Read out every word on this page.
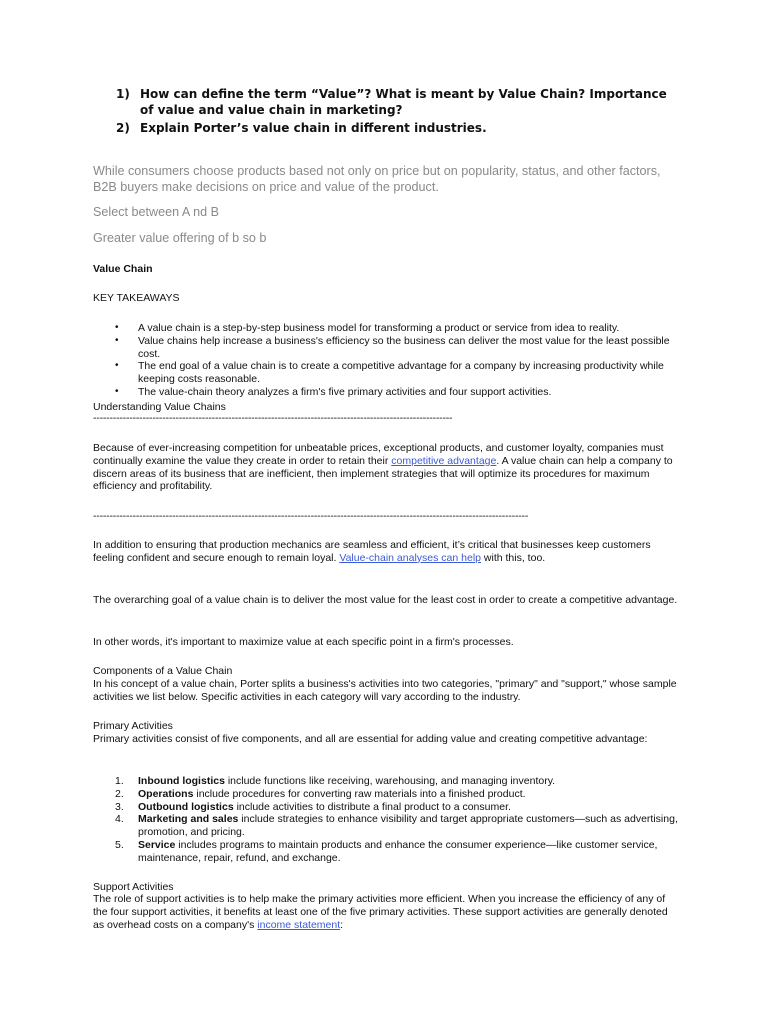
1) How can define the term “Value”? What is meant by Value Chain? Importance of value and value chain in marketing?
2) Explain Porter’s value chain in different industries.
While consumers choose products based not only on price but on popularity, status, and other factors, B2B buyers make decisions on price and value of the product.
Select between A nd B
Greater value offering of b so b
Value Chain
KEY TAKEAWAYS
• A value chain is a step-by-step business model for transforming a product or service from idea to reality.
• Value chains help increase a business's efficiency so the business can deliver the most value for the least possible cost.
• The end goal of a value chain is to create a competitive advantage for a company by increasing productivity while keeping costs reasonable.
• The value-chain theory analyzes a firm's five primary activities and four support activities.
Understanding Value Chains
-------------------------------------------------------------------------------------------------------------
Because of ever-increasing competition for unbeatable prices, exceptional products, and customer loyalty, companies must continually examine the value they create in order to retain their competitive advantage. A value chain can help a company to discern areas of its business that are inefficient, then implement strategies that will optimize its procedures for maximum efficiency and profitability.
------------------------------------------------------------------------------------------------------------------------------------
In addition to ensuring that production mechanics are seamless and efficient, it’s critical that businesses keep customers feeling confident and secure enough to remain loyal. Value-chain analyses can help with this, too.
The overarching goal of a value chain is to deliver the most value for the least cost in order to create a competitive advantage.
In other words, it's important to maximize value at each specific point in a firm's processes.
Components of a Value Chain
In his concept of a value chain, Porter splits a business's activities into two categories, "primary" and "support," whose sample activities we list below. Specific activities in each category will vary according to the industry.
Primary Activities
Primary activities consist of five components, and all are essential for adding value and creating competitive advantage:
1. Inbound logistics include functions like receiving, warehousing, and managing inventory.
2. Operations include procedures for converting raw materials into a finished product.
3. Outbound logistics include activities to distribute a final product to a consumer.
4. Marketing and sales include strategies to enhance visibility and target appropriate customers—such as advertising, promotion, and pricing.
5. Service includes programs to maintain products and enhance the consumer experience—like customer service, maintenance, repair, refund, and exchange.
Support Activities
The role of support activities is to help make the primary activities more efficient. When you increase the efficiency of any of the four support activities, it benefits at least one of the five primary activities. These support activities are generally denoted as overhead costs on a company's income statement:
